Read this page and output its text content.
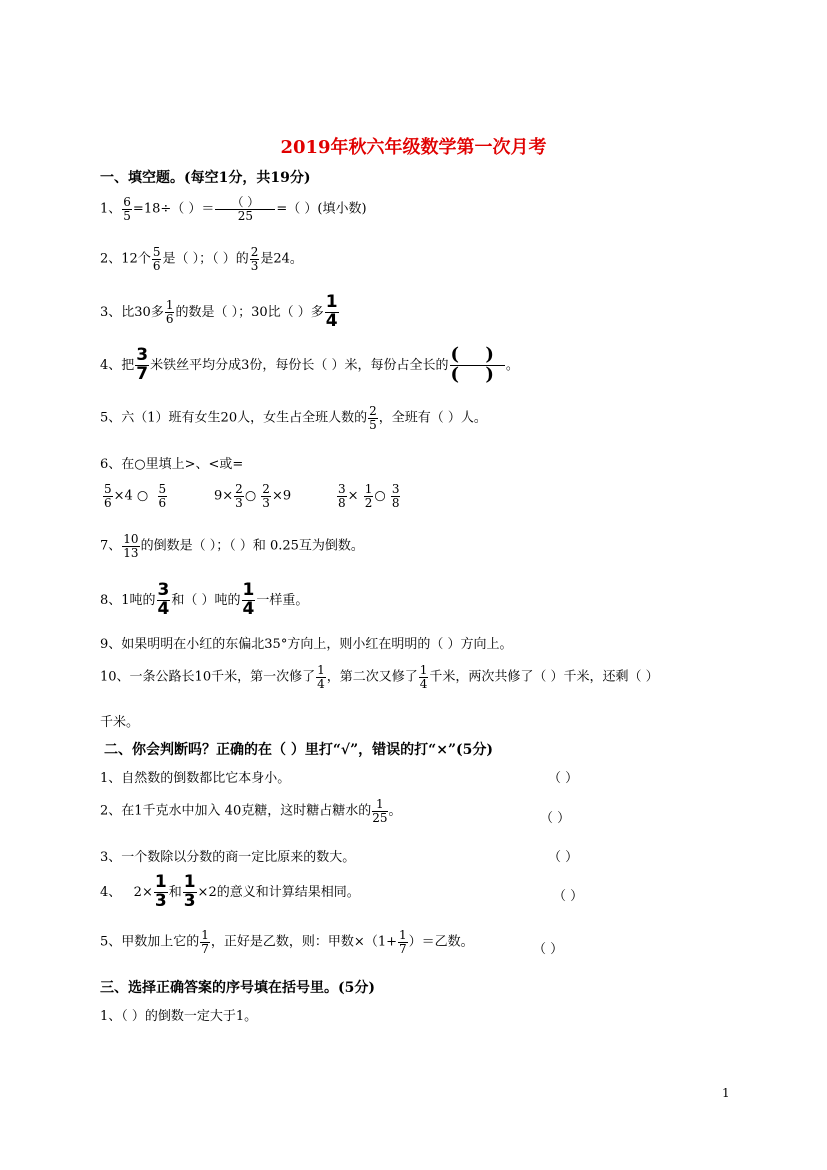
2019年秋六年级数学第一次月考
一、填空题。(每空1分，共19分)
1、 $\frac{6}{5} =18\div$（ ）＝ $\frac{( )}{25}$ =（ ）(填小数)
2、12个 $\frac{5}{6}$ 是（ ）；（ ）的 $\frac{2}{3}$ 是24。
3、比30多 $\frac{1}{6}$ 的数是（ ）；30比（ ）多 $\frac{1}{4}$
4、把 $\frac{3}{7}$ 米铁丝平均分成3份，每份长（ ）米，每份占全长的 $\frac{( )}{( )}$ 。
5、六（1）班有女生20人，女生占全班人数的 $\frac{2}{5}$ ，全班有（ ）人。
6、在○里填上>、<或=
$\frac{5}{6} \times 4$ ○ $\frac{5}{6}$	$9\times \frac{2}{3}$ ○ $\frac{2}{3} \times 9$	$\frac{3}{8} \times \frac{1}{2}$ ○ $\frac{3}{8}$
7、 $\frac{10}{13}$ 的倒数是（ ）；（ ）和 0.25互为倒数。
8、1吨的 $\frac{3}{4}$ 和（ ）吨的 $\frac{1}{4}$ 一样重。
9、如果明明在小红的东偏北35°方向上，则小红在明明的（ ）方向上。
10、一条公路长10千米，第一次修了 $\frac{1}{4}$ ，第二次又修了 $\frac{1}{4}$ 千米，两次共修了（ ）千米，还剩（ ）
千米。
二、你会判断吗？正确的在（ ）里打“√”，错误的打“×”(5分)
1、自然数的倒数都比它本身小。	（ ）
2、在1千克水中加入 40克糖，这时糖占糖水的 $\frac{1}{25}$ 。	（ ）
3、一个数除以分数的商一定比原来的数大。	（ ）
4、   $2\times \frac{1}{3}$ 和 $\frac{1}{3} \times 2$的意义和计算结果相同。	（ ）
5、甲数加上它的 $\frac{1}{7}$ ，正好是乙数，则：甲数$\times(1+ \frac{1}{7}$ ）＝乙数。	（ ）
三、选择正确答案的序号填在括号里。(5分)
1、（ ）的倒数一定大于1。
1
